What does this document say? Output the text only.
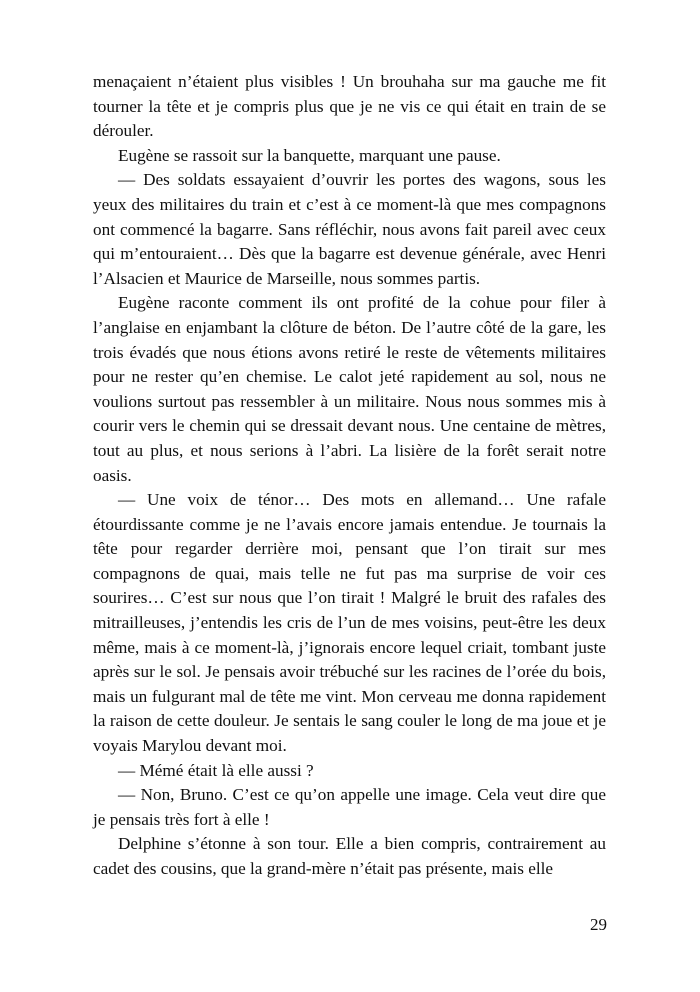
menaçaient n’étaient plus visibles ! Un brouhaha sur ma gauche me fit tourner la tête et je compris plus que je ne vis ce qui était en train de se dérouler.

Eugène se rassoit sur la banquette, marquant une pause.

— Des soldats essayaient d’ouvrir les portes des wagons, sous les yeux des militaires du train et c’est à ce moment-là que mes compagnons ont commencé la bagarre. Sans réfléchir, nous avons fait pareil avec ceux qui m’entouraient… Dès que la bagarre est devenue générale, avec Henri l’Alsacien et Maurice de Marseille, nous sommes partis.

Eugène raconte comment ils ont profité de la cohue pour filer à l’anglaise en enjambant la clôture de béton. De l’autre côté de la gare, les trois évadés que nous étions avons retiré le reste de vêtements militaires pour ne rester qu’en chemise. Le calot jeté rapidement au sol, nous ne voulions surtout pas ressembler à un militaire. Nous nous sommes mis à courir vers le chemin qui se dressait devant nous. Une centaine de mètres, tout au plus, et nous serions à l’abri. La lisière de la forêt serait notre oasis.

— Une voix de ténor… Des mots en allemand… Une rafale étourdissante comme je ne l’avais encore jamais entendue. Je tournais la tête pour regarder derrière moi, pensant que l’on tirait sur mes compagnons de quai, mais telle ne fut pas ma surprise de voir ces sourires… C’est sur nous que l’on tirait ! Malgré le bruit des rafales des mitrailleuses, j’entendis les cris de l’un de mes voisins, peut-être les deux même, mais à ce moment-là, j’ignorais encore lequel criait, tombant juste après sur le sol. Je pensais avoir trébuché sur les racines de l’orée du bois, mais un fulgurant mal de tête me vint. Mon cerveau me donna rapidement la raison de cette douleur. Je sentais le sang couler le long de ma joue et je voyais Marylou devant moi.

— Mémé était là elle aussi ?

— Non, Bruno. C’est ce qu’on appelle une image. Cela veut dire que je pensais très fort à elle !

Delphine s’étonne à son tour. Elle a bien compris, contrairement au cadet des cousins, que la grand-mère n’était pas présente, mais elle

29
